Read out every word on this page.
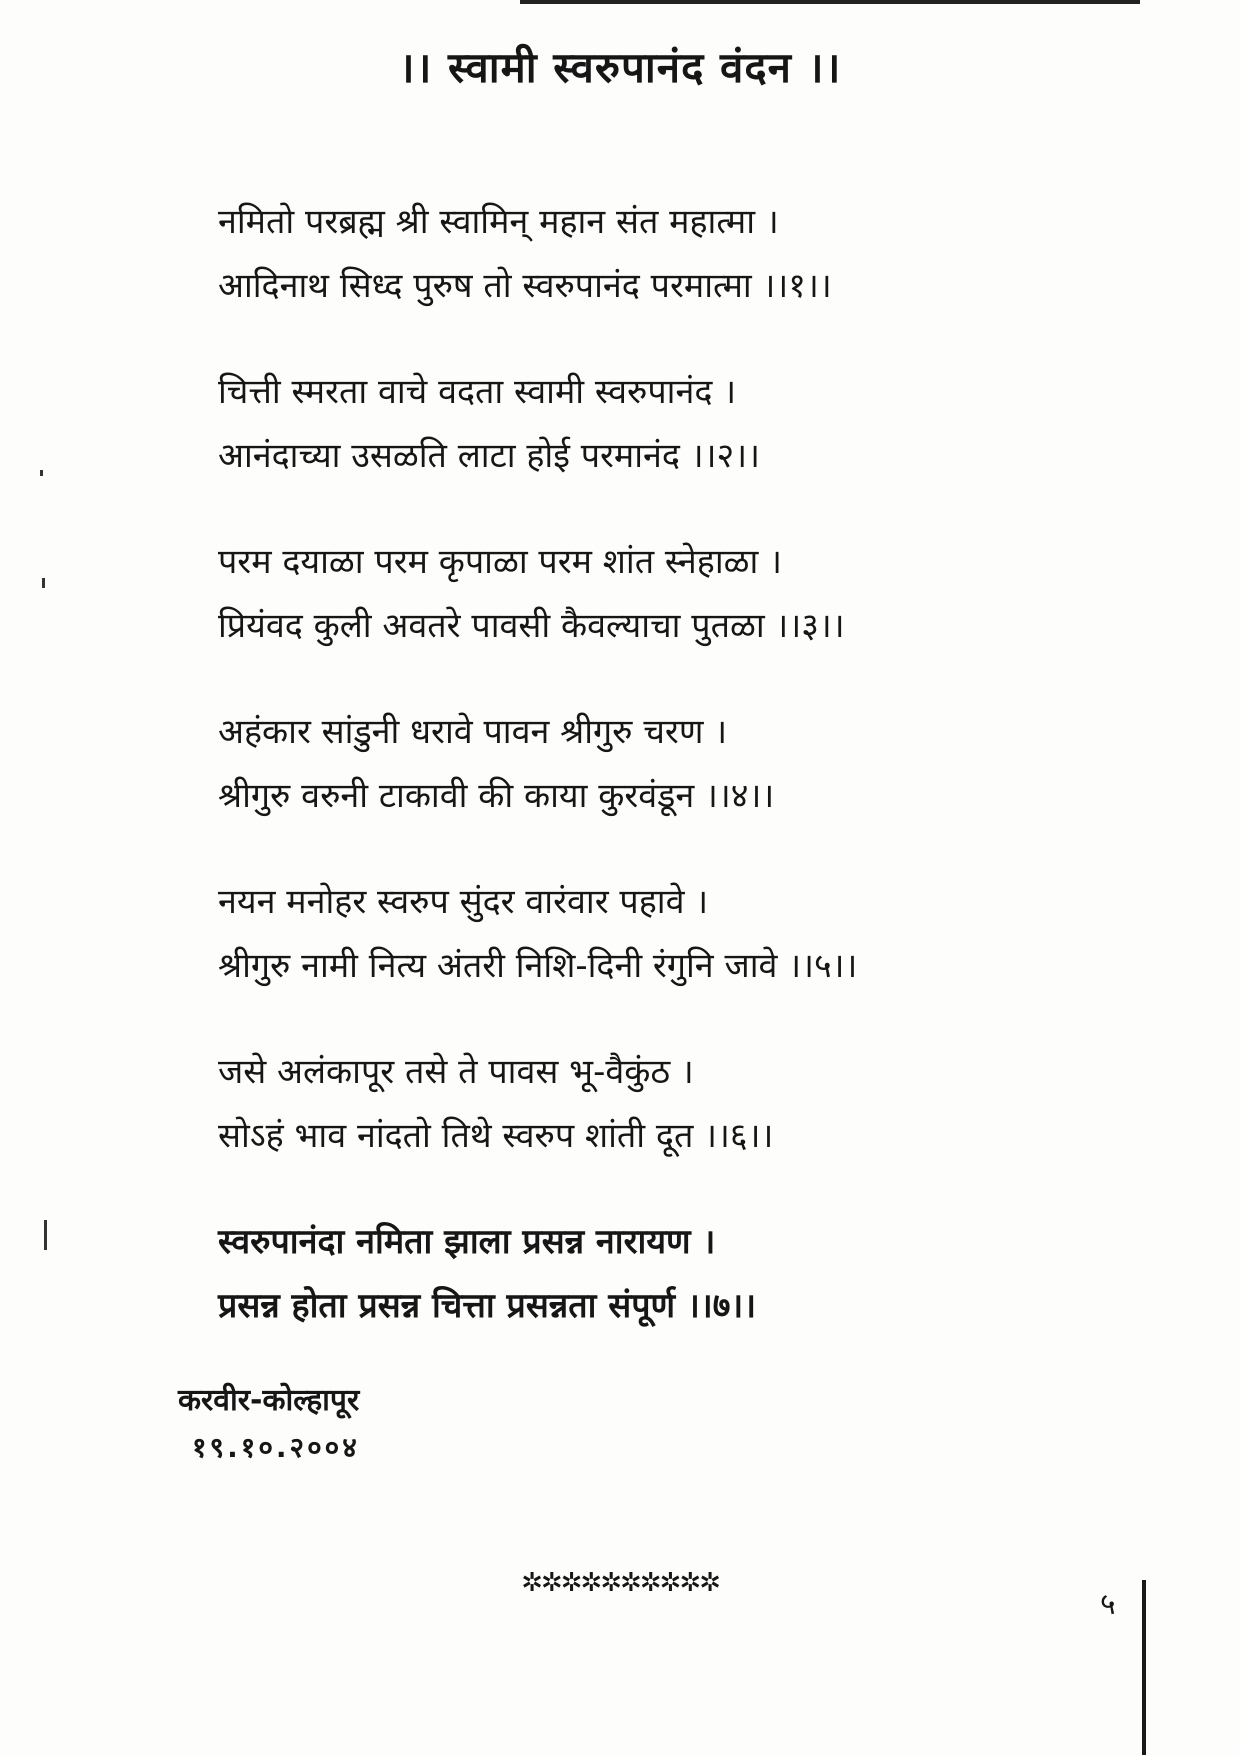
।। स्वामी स्वरुपानंद वंदन ।।
नमितो परब्रह्म श्री स्वामिन् महान संत महात्मा ।
आदिनाथ सिध्द पुरुष तो स्वरुपानंद परमात्मा ।।१।।
चित्ती स्मरता वाचे वदता स्वामी स्वरुपानंद ।
आनंदाच्या उसळति लाटा होई परमानंद ।।२।।
परम दयाळा परम कृपाळा परम शांत स्नेहाळा ।
प्रियंवद कुली अवतरे पावसी कैवल्याचा पुतळा ।।३।।
अहंकार सांडुनी धरावे पावन श्रीगुरु चरण ।
श्रीगुरु वरुनी टाकावी की काया कुरवंडून ।।४।।
नयन मनोहर स्वरुप सुंदर वारंवार पहावे ।
श्रीगुरु नामी नित्य अंतरी निशि-दिनी रंगुनि जावे ।।५।।
जसे अलंकापूर तसे ते पावस भू-वैकुंठ ।
सोऽहं भाव नांदतो तिथे स्वरुप शांती दूत ।।६।।
स्वरुपानंदा नमिता झाला प्रसन्न नारायण ।
प्रसन्न होता प्रसन्न चित्ता प्रसन्नता संपूर्ण ।।७।।
करवीर-कोल्हापूर
१९.१०.२००४
✲✲✲✲✲✲✲✲✲✲
५
